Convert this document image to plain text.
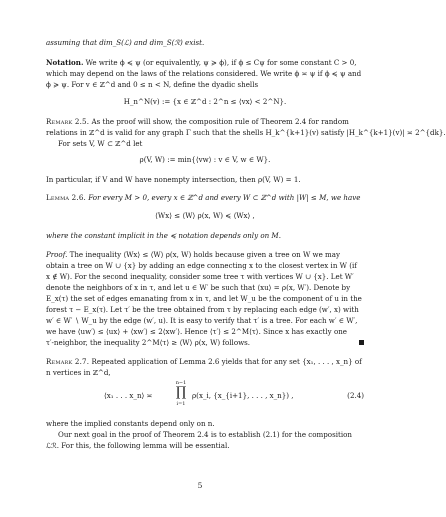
assuming that dim_S(ℒ) and dim_S(ℛ) exist.
Notation. We write ϕ ≼ ψ (or equivalently, ψ ≽ ϕ), if ϕ ≤ Cψ for some constant C > 0,
which may depend on the laws of the relations considered. We write ϕ ≍ ψ if ϕ ≼ ψ and
ϕ ≽ ψ. For v ∈ ℤ^d and 0 ≤ n < N, define the dyadic shells
H_n^N(v) := {x ∈ ℤ^d : 2^n ≤ ⟨vx⟩ < 2^N}.
Remark 2.5. As the proof will show, the composition rule of Theorem 2.4 for random
relations in ℤ^d is valid for any graph Γ such that the shells H_k^{k+1}(v) satisfy |H_k^{k+1}(v)| ≍ 2^{dk}.
For sets V, W ⊂ ℤ^d let
ρ(V, W) := min{⟨vw⟩ : v ∈ V, w ∈ W}.
In particular, if V and W have nonempty intersection, then ρ(V, W) = 1.
Lemma 2.6. For every M > 0, every x ∈ ℤ^d and every W ⊂ ℤ^d with |W| ≤ M, we have
⟨Wx⟩ ≤ ⟨W⟩ ρ(x, W) ≼ ⟨Wx⟩ ,
where the constant implicit in the ≼ notation depends only on M.
Proof. The inequality ⟨Wx⟩ ≤ ⟨W⟩ ρ(x, W) holds because given a tree on W we may
obtain a tree on W ∪ {x} by adding an edge connecting x to the closest vertex in W (if
x ∉ W). For the second inequality, consider some tree τ with vertices W ∪ {x}. Let W′
denote the neighbors of x in τ, and let u ∈ W′ be such that ⟨xu⟩ = ρ(x, W′). Denote by
E_x(τ) the set of edges emanating from x in τ, and let W_u be the component of u in the
forest τ − E_x(τ). Let τ′ be the tree obtained from τ by replacing each edge (w′, x) with
w′ ∈ W′ ∖ W_u by the edge (w′, u). It is easy to verify that τ′ is a tree. For each w′ ∈ W′,
we have ⟨uw′⟩ ≤ ⟨ux⟩ + ⟨xw′⟩ ≤ 2⟨xw′⟩. Hence ⟨τ′⟩ ≤ 2^M⟨τ⟩. Since x has exactly one
τ′-neighbor, the inequality 2^M⟨τ⟩ ≥ ⟨W⟩ ρ(x, W) follows.
Remark 2.7. Repeated application of Lemma 2.6 yields that for any set {x₁, . . . , x_n} of
n vertices in ℤ^d,
⟨x₁ . . . x_n⟩ ≍
n−1
∏
i=1
ρ(x_i, {x_{i+1}, . . . , x_n}) ,	(2.4)
where the implied constants depend only on n.
Our next goal in the proof of Theorem 2.4 is to establish (2.1) for the composition
ℒℛ. For this, the following lemma will be essential.
5
